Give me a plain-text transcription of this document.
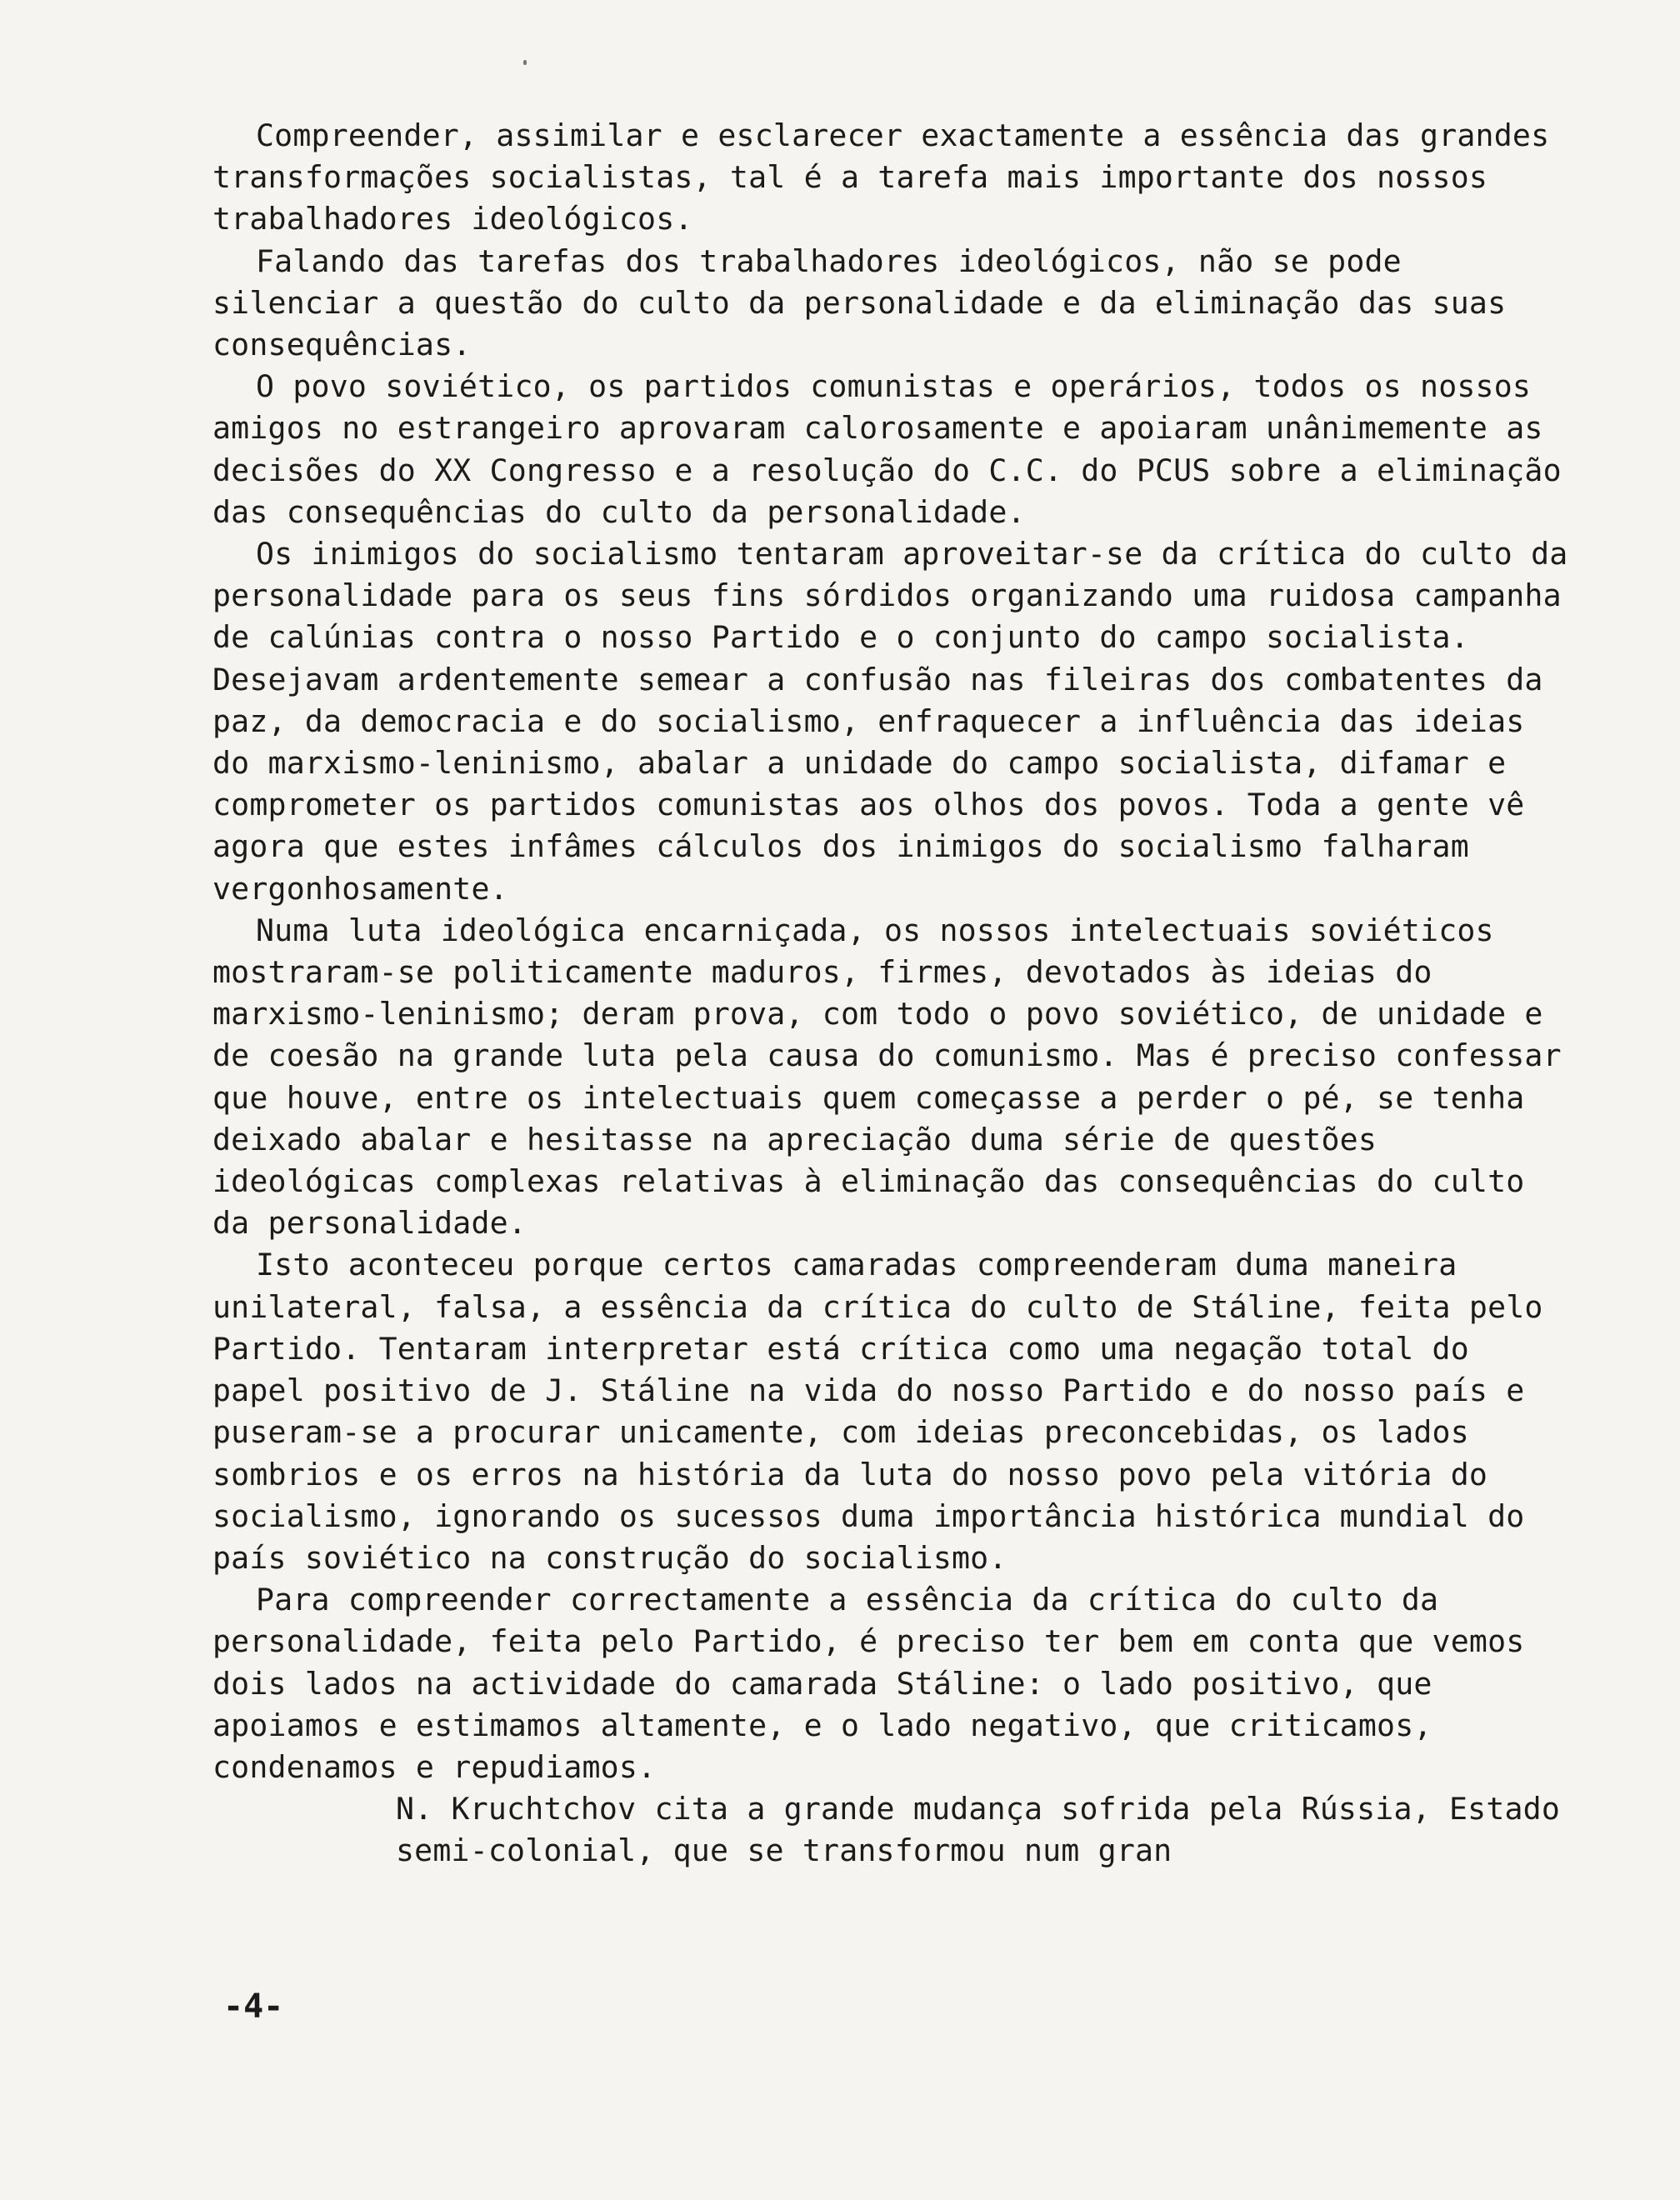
Compreender, assimilar e esclarecer exactamente a essência das grandes transformações socialistas, tal é a tarefa mais importante dos nossos trabalhadores ideológicos.

Falando das tarefas dos trabalhadores ideológicos, não se pode silenciar a questão do culto da personalidade e da eliminação das suas consequências.

O povo soviético, os partidos comunistas e operários, todos os nossos amigos no estrangeiro aprovaram calorosamente e apoiaram unânimemente as decisões do XX Congresso e a resolução do C.C. do PCUS sobre a eliminação das consequências do culto da personalidade.

Os inimigos do socialismo tentaram aproveitar-se da crítica do culto da personalidade para os seus fins sórdidos organizando uma ruidosa campanha de calúnias contra o nosso Partido e o conjunto do campo socialista. Desejavam ardentemente semear a confusão nas fileiras dos combatentes da paz, da democracia e do socialismo, enfraquecer a influência das ideias do marxismo-leninismo, abalar a unidade do campo socialista, difamar e comprometer os partidos comunistas aos olhos dos povos. Toda a gente vê agora que estes infâmes cálculos dos inimigos do socialismo falharam vergonhosamente.

Numa luta ideológica encarniçada, os nossos intelectuais soviéticos mostraram-se politicamente maduros, firmes, devotados às ideias do marxismo-leninismo; deram prova, com todo o povo soviético, de unidade e de coesão na grande luta pela causa do comunismo. Mas é preciso confessar que houve, entre os intelectuais quem começasse a perder o pé, se tenha deixado abalar e hesitasse na apreciação duma série de questões ideológicas complexas relativas à eliminação das consequências do culto da personalidade.

Isto aconteceu porque certos camaradas compreenderam duma maneira unilateral, falsa, a essência da crítica do culto de Stáline, feita pelo Partido. Tentaram interpretar está crítica como uma negação total do papel positivo de J. Stáline na vida do nosso Partido e do nosso país e puseram-se a procurar unicamente, com ideias preconcebidas, os lados sombrios e os erros na história da luta do nosso povo pela vitória do socialismo, ignorando os sucessos duma importância histórica mundial do país soviético na construção do socialismo.

Para compreender correctamente a essência da crítica do culto da personalidade, feita pelo Partido, é preciso ter bem em conta que vemos dois lados na actividade do camarada Stáline: o lado positivo, que apoiamos e estimamos altamente, e o lado negativo, que criticamos, condenamos e repudiamos.

N. Kruchtchov cita a grande mudança sofrida pela Rússia, Estado semi-colonial, que se transformou num gran

-4-
